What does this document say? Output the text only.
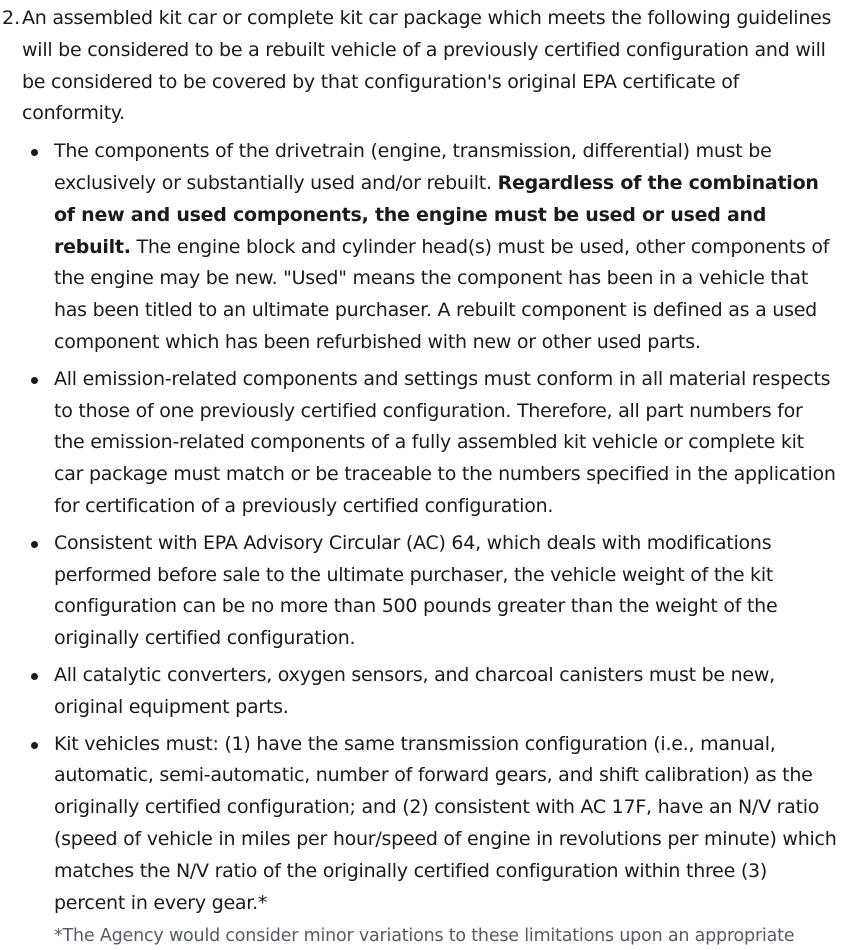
2. An assembled kit car or complete kit car package which meets the following guidelines will be considered to be a rebuilt vehicle of a previously certified configuration and will be considered to be covered by that configuration's original EPA certificate of conformity.
The components of the drivetrain (engine, transmission, differential) must be exclusively or substantially used and/or rebuilt. Regardless of the combination of new and used components, the engine must be used or used and rebuilt. The engine block and cylinder head(s) must be used, other components of the engine may be new. "Used" means the component has been in a vehicle that has been titled to an ultimate purchaser. A rebuilt component is defined as a used component which has been refurbished with new or other used parts.
All emission-related components and settings must conform in all material respects to those of one previously certified configuration. Therefore, all part numbers for the emission-related components of a fully assembled kit vehicle or complete kit car package must match or be traceable to the numbers specified in the application for certification of a previously certified configuration.
Consistent with EPA Advisory Circular (AC) 64, which deals with modifications performed before sale to the ultimate purchaser, the vehicle weight of the kit configuration can be no more than 500 pounds greater than the weight of the originally certified configuration.
All catalytic converters, oxygen sensors, and charcoal canisters must be new, original equipment parts.
Kit vehicles must: (1) have the same transmission configuration (i.e., manual, automatic, semi-automatic, number of forward gears, and shift calibration) as the originally certified configuration; and (2) consistent with AC 17F, have an N/V ratio (speed of vehicle in miles per hour/speed of engine in revolutions per minute) which matches the N/V ratio of the originally certified configuration within three (3) percent in every gear.*
*The Agency would consider minor variations to these limitations upon an appropriate
